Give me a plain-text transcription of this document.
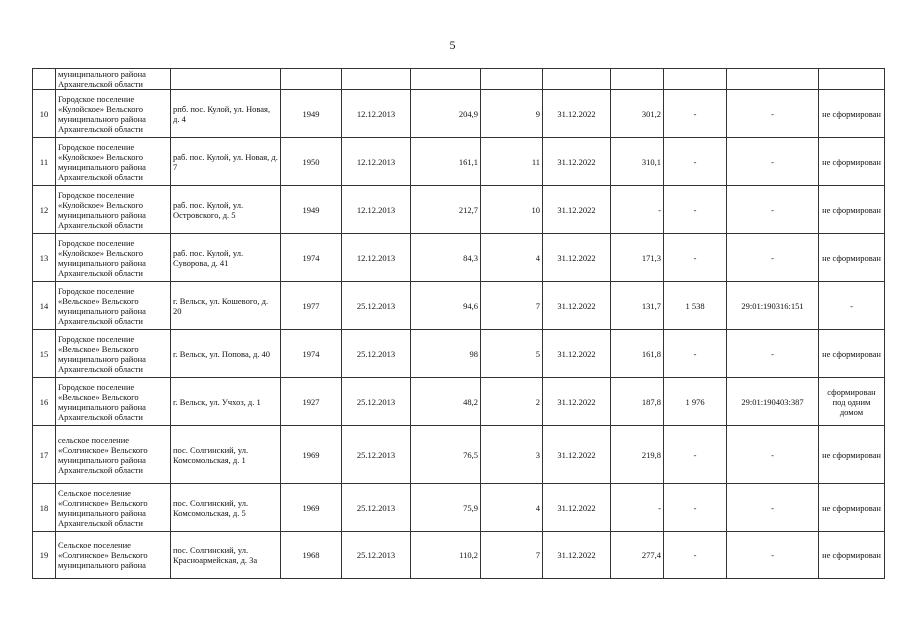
5
	муниципального района Архангельской области										
10	Городское поселение «Кулойское» Вельского муниципального района Архангельской области	рпб. пос. Кулой, ул. Новая, д. 4	1949	12.12.2013	204,9	9	31.12.2022	301,2	-	-	не сформирован
11	Городское поселение «Кулойское» Вельского муниципального района Архангельской области	раб. пос. Кулой, ул. Новая, д. 7	1950	12.12.2013	161,1	11	31.12.2022	310,1	-	-	не сформирован
12	Городское поселение «Кулойское» Вельского муниципального района Архангельской области	раб. пос. Кулой, ул. Островского, д. 5	1949	12.12.2013	212,7	10	31.12.2022	-	-	-	не сформирован
13	Городское поселение «Кулойское» Вельского муниципального района Архангельской области	раб. пос. Кулой, ул. Суворова, д. 41	1974	12.12.2013	84,3	4	31.12.2022	171,3	-	-	не сформирован
14	Городское поселение «Вельское» Вельского муниципального района Архангельской области	г. Вельск, ул. Кошевого, д. 20	1977	25.12.2013	94,6	7	31.12.2022	131,7	1 538	29:01:190316:151	-
15	Городское поселение «Вельское» Вельского муниципального района Архангельской области	г. Вельск, ул. Попова, д. 40	1974	25.12.2013	98	5	31.12.2022	161,8	-	-	не сформирован
16	Городское поселение «Вельское» Вельского муниципального района Архангельской области	г. Вельск, ул. Учхоз, д. 1	1927	25.12.2013	48,2	2	31.12.2022	187,8	1 976	29:01:190403:387	сформирован под одним домом
17	сельское поселение «Солгинское» Вельского муниципального района Архангельской области	пос. Солгинский, ул. Комсомольская, д. 1	1969	25.12.2013	76,5	3	31.12.2022	219,8	-	-	не сформирован
18	Сельское поселение «Солгинское» Вельского муниципального района Архангельской области	пос. Солгинский, ул. Комсомольская, д. 5	1969	25.12.2013	75,9	4	31.12.2022	-	-	-	не сформирован
19	Сельское поселение «Солгинское» Вельского муниципального района	пос. Солгинский, ул. Красноармейская, д. 3а	1968	25.12.2013	110,2	7	31.12.2022	277,4	-	-	не сформирован
